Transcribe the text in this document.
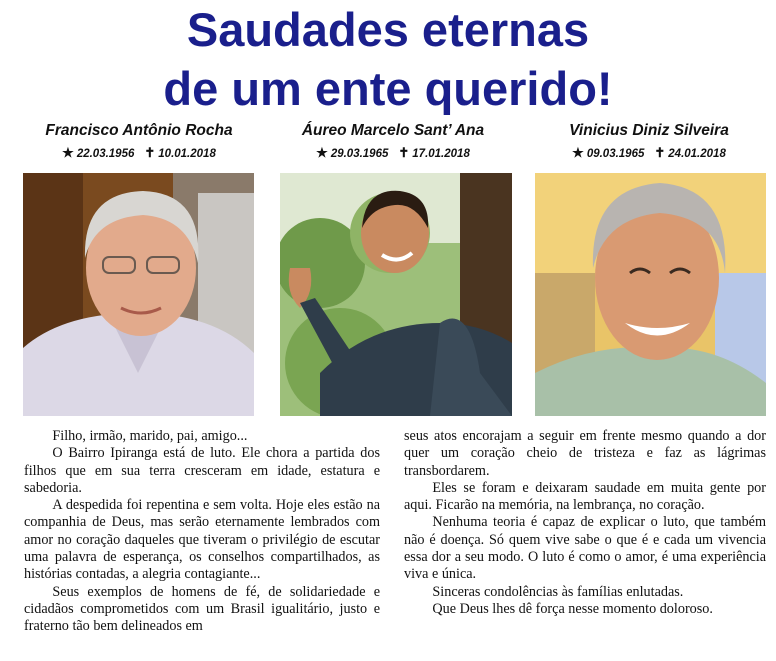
Saudades eternas
de um ente querido!
Francisco Antônio Rocha
★ 22.03.1956 ✝ 10.01.2018
Áureo Marcelo Sant’ Ana
★ 29.03.1965 ✝ 17.01.2018
Vinicius Diniz Silveira
★ 09.03.1965 ✝ 24.01.2018

Filho, irmão, marido, pai, amigo...

O Bairro Ipiranga está de luto. Ele chora a partida dos filhos que em sua terra cresceram em idade, estatura e sabedoria.

A despedida foi repentina e sem volta. Hoje eles estão na companhia de Deus, mas serão eternamente lembrados com amor no coração daqueles que tiveram o privilégio de escutar uma palavra de esperança, os conselhos compartilhados, as histórias contadas, a alegria contagiante...

Seus exemplos de homens de fé, de solidariedade e cidadãos comprometidos com um Brasil igualitário, justo e fraterno tão bem delineados em

seus atos encorajam a seguir em frente mesmo quando a dor quer um coração cheio de tristeza e faz as lágrimas transbordarem.

Eles se foram e deixaram saudade em muita gente por aqui. Ficarão na memória, na lembrança, no coração.

Nenhuma teoria é capaz de explicar o luto, que também não é doença. Só quem vive sabe o que é e cada um vivencia essa dor a seu modo. O luto é como o amor, é uma experiência viva e única.

Sinceras condolências às famílias enlutadas.

Que Deus lhes dê força nesse momento doloroso.
